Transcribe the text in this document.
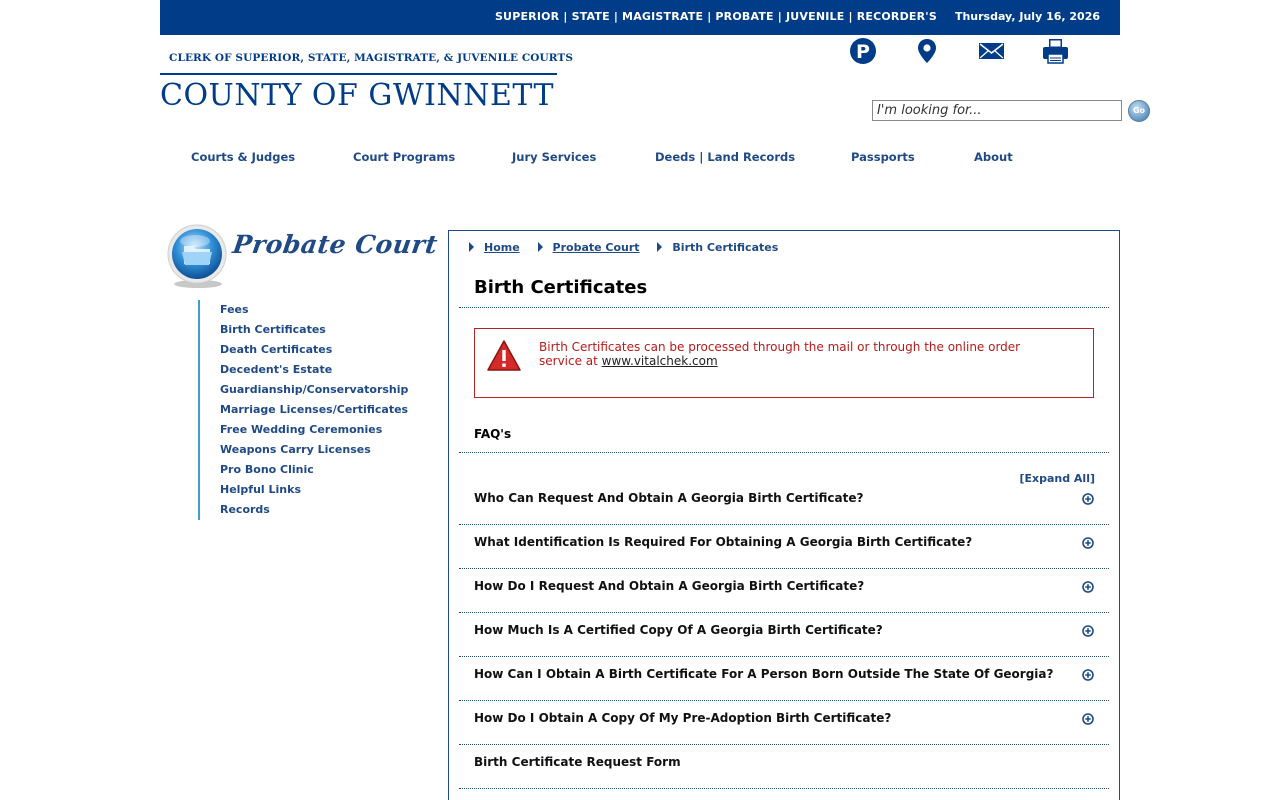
SUPERIOR | STATE | MAGISTRATE | PROBATE | JUVENILE | RECORDER'S Thursday, July 16, 2026
CLERK OF SUPERIOR, STATE, MAGISTRATE, & JUVENILE COURTS
COUNTY OF GWINNETT
P
I'm looking for...
Go
Courts & Judges	Court Programs	Jury Services	Deeds | Land Records	Passports	About
Probate Court
Fees
Birth Certificates
Death Certificates
Decedent's Estate
Guardianship/Conservatorship
Marriage Licenses/Certificates
Free Wedding Ceremonies
Weapons Carry Licenses
Pro Bono Clinic
Helpful Links
Records
Home	Probate Court	Birth Certificates
Birth Certificates
Birth Certificates can be processed through the mail or through the online order service at www.vitalchek.com
FAQ's
[Expand All]
Who Can Request And Obtain A Georgia Birth Certificate?
What Identification Is Required For Obtaining A Georgia Birth Certificate?
How Do I Request And Obtain A Georgia Birth Certificate?
How Much Is A Certified Copy Of A Georgia Birth Certificate?
How Can I Obtain A Birth Certificate For A Person Born Outside The State Of Georgia?
How Do I Obtain A Copy Of My Pre-Adoption Birth Certificate?
Birth Certificate Request Form
